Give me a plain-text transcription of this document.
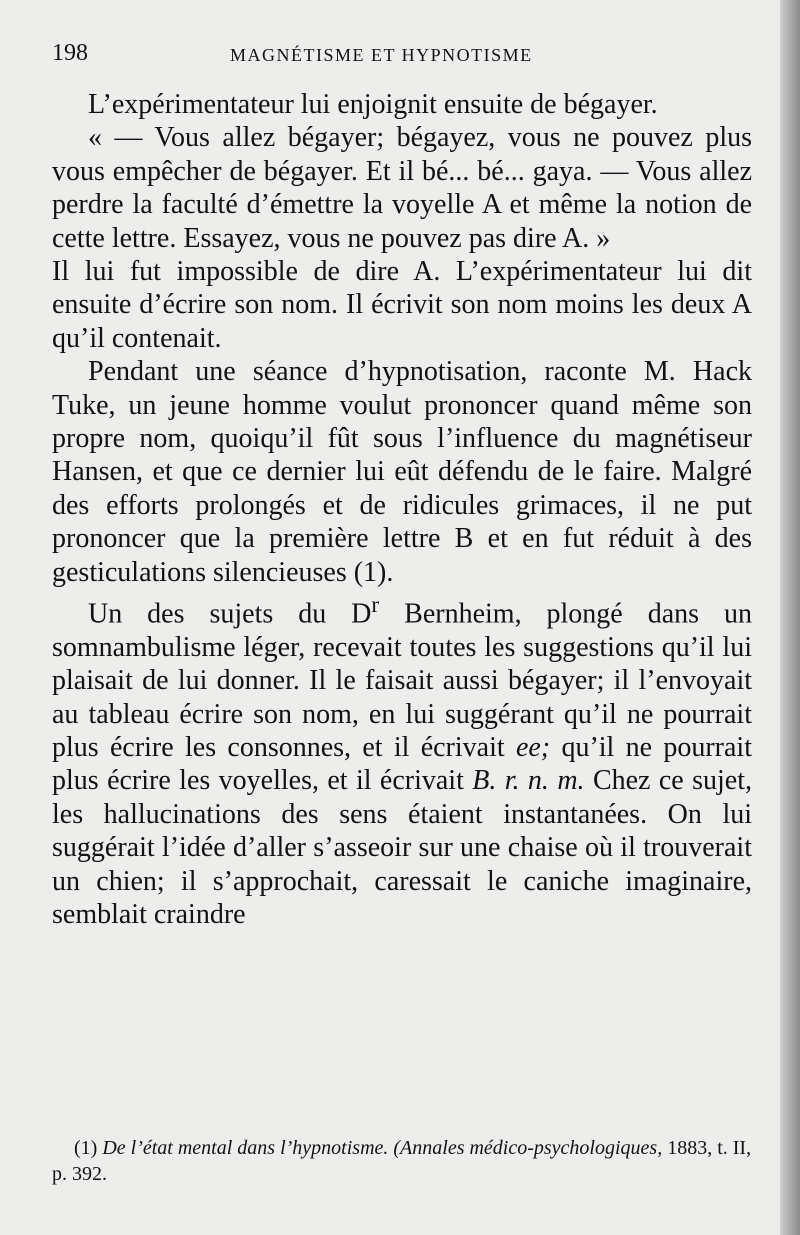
198	MAGNÉTISME ET HYPNOTISME

L’expérimentateur lui enjoignit ensuite de bégayer.

« — Vous allez bégayer; bégayez, vous ne pouvez plus vous empêcher de bégayer. Et il bé... bé... gaya. — Vous allez perdre la faculté d’émettre la voyelle A et même la notion de cette lettre. Essayez, vous ne pouvez pas dire A. »

Il lui fut impossible de dire A. L’expérimentateur lui dit ensuite d’écrire son nom. Il écrivit son nom moins les deux A qu’il contenait.

Pendant une séance d’hypnotisation, raconte M. Hack Tuke, un jeune homme voulut prononcer quand même son propre nom, quoiqu’il fût sous l’influence du magnétiseur Hansen, et que ce dernier lui eût défendu de le faire. Malgré des efforts prolongés et de ridicules grimaces, il ne put prononcer que la première lettre B et en fut réduit à des gesticulations silencieuses (1).

Un des sujets du $D^r$ Bernheim, plongé dans un somnambulisme léger, recevait toutes les suggestions qu’il lui plaisait de lui donner. Il le faisait aussi bégayer; il l’envoyait au tableau écrire son nom, en lui suggérant qu’il ne pourrait plus écrire les consonnes, et il écrivait ee; qu’il ne pourrait plus écrire les voyelles, et il écrivait B. r. n. m. Chez ce sujet, les hallucinations des sens étaient instantanées. On lui suggérait l’idée d’aller s’asseoir sur une chaise où il trouverait un chien; il s’approchait, caressait le caniche imaginaire, semblait craindre

(1) De l’état mental dans l’hypnotisme. (Annales médico-psychologiques, 1883, t. II, p. 392.
